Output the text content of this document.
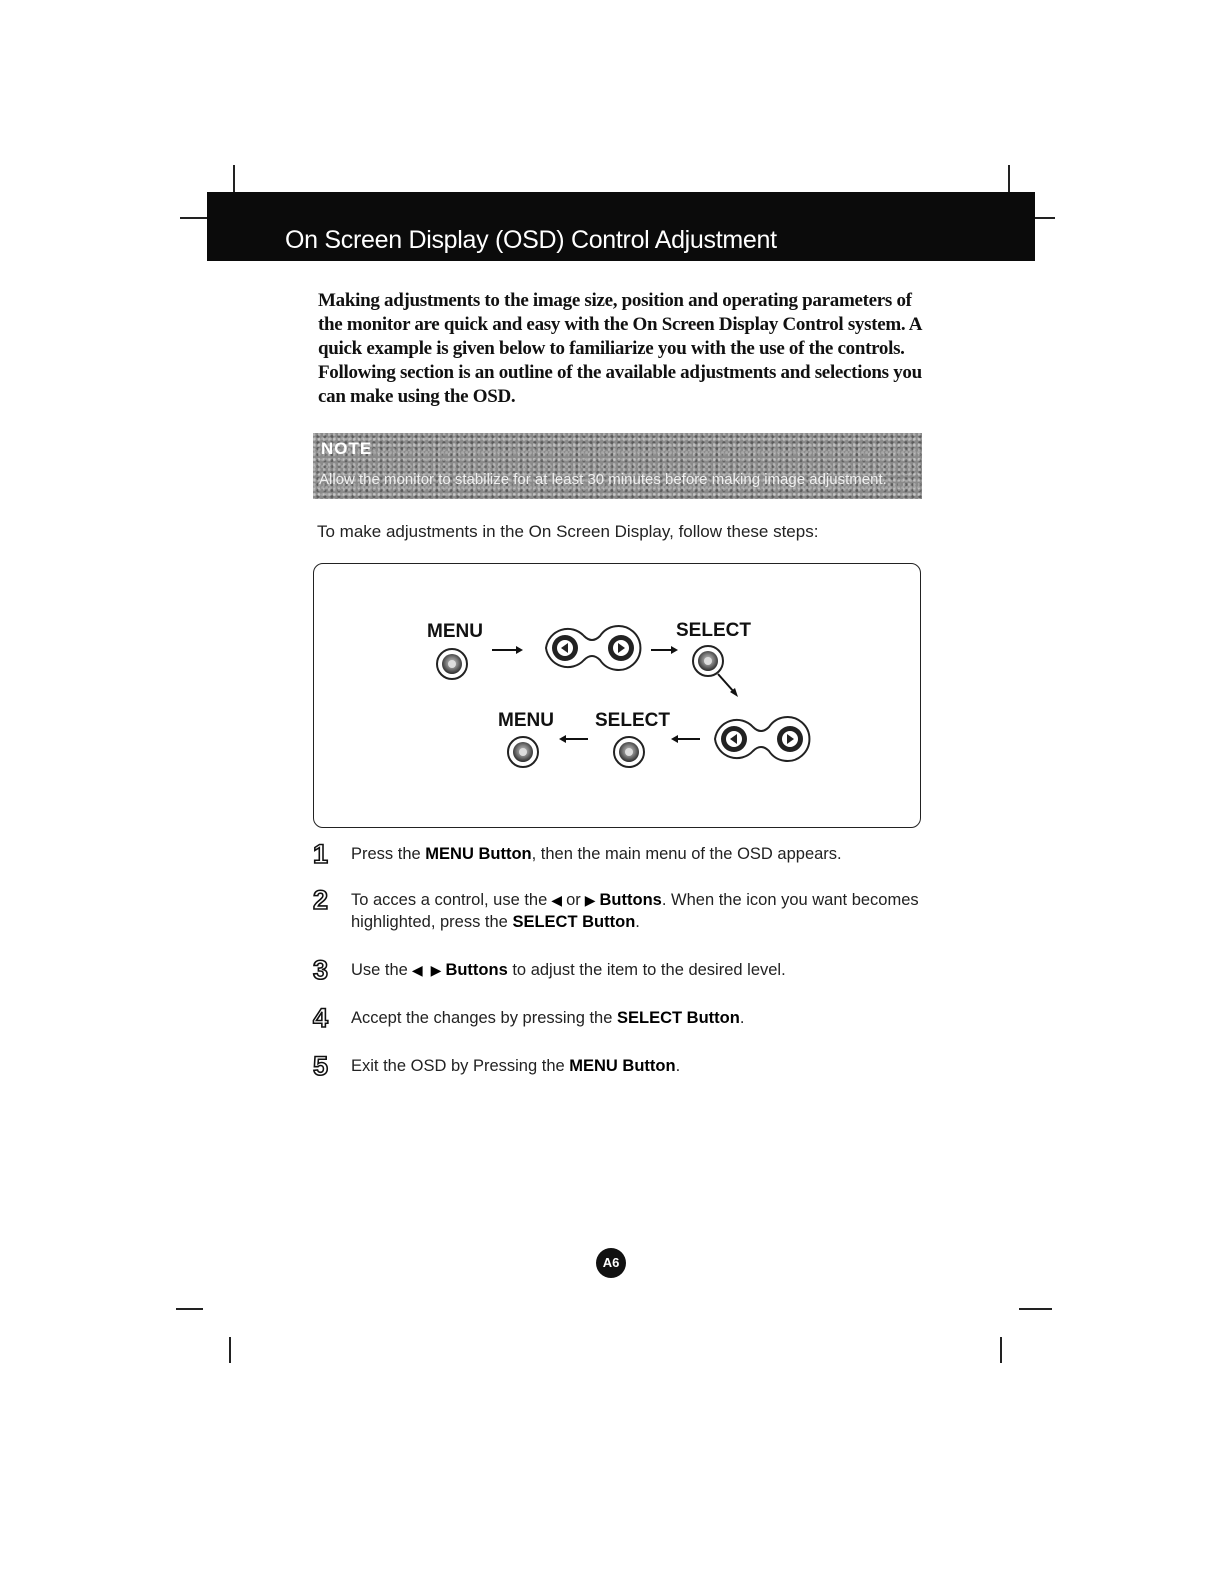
On Screen Display (OSD) Control Adjustment

Making adjustments to the image size, position and operating parameters of the monitor are quick and easy with the On Screen Display Control system. A quick example is given below to familiarize you with the use of the controls. Following section is an outline of the available adjustments and selections you can make using the OSD.

NOTE
Allow the monitor to stabilize for at least 30 minutes before making image adjustment.
To make adjustments in the On Screen Display, follow these steps:
MENU	SELECT
MENU SELECT
1	Press the MENU Button, then the main menu of the OSD appears.
2	To acces a control, use the ◀ or ▶ Buttons. When the icon you want becomes highlighted, press the SELECT Button.
3	Use the ◀ ▶ Buttons to adjust the item to the desired level.
4	Accept the changes by pressing the SELECT Button.
5	Exit the OSD by Pressing the MENU Button.
A6
